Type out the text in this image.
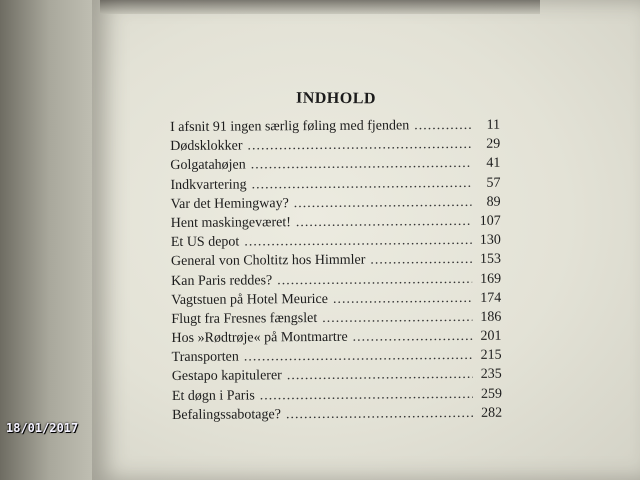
INDHOLD
I afsnit 91 ingen særlig føling med fjenden .....	11
Dødsklokker .....	29
Golgatahøjen .....	41
Indkvartering .....	57
Var det Hemingway? .....	89
Hent maskingeværet! .....	107
Et US depot .....	130
General von Choltitz hos Himmler .....	153
Kan Paris reddes? .....	169
Vagtstuen på Hotel Meurice .....	174
Flugt fra Fresnes fængslet .....	186
Hos »Rødtrøje« på Montmartre .....	201
Transporten .....	215
Gestapo kapitulerer .....	235
Et døgn i Paris .....	259
Befalingssabotage? .....	282
18/01/2017
